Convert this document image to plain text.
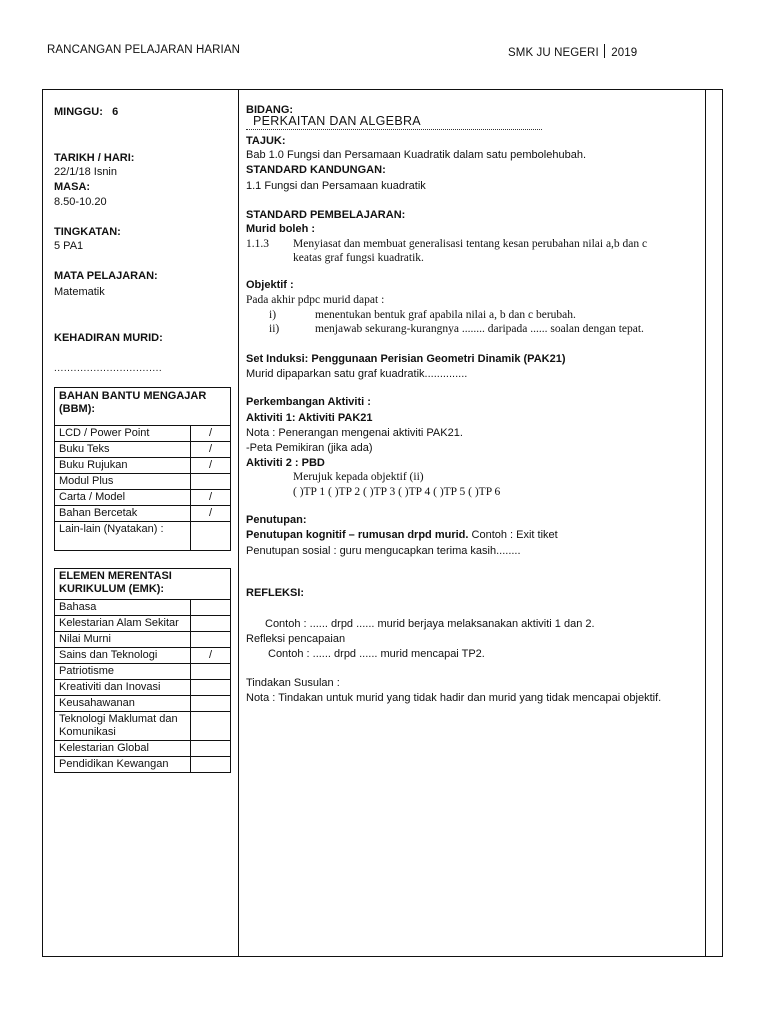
RANCANGAN PELAJARAN HARIAN	SMK JU NEGERI 2019
MINGGU: 6
TARIKH / HARI:
22/1/18 Isnin
MASA:
8.50-10.20
TINGKATAN:
5 PA1
MATA PELAJARAN:
Matematik
KEHADIRAN MURID:
.................................
BAHAN BANTU MENGAJAR (BBM):	
LCD / Power Point	/
Buku Teks	/
Buku Rujukan	/
Modul Plus	
Carta / Model	/
Bahan Bercetak	/
Lain-lain (Nyatakan) :	
ELEMEN MERENTASI KURIKULUM (EMK):	
Bahasa	
Kelestarian Alam Sekitar	
Nilai Murni	
Sains dan Teknologi	/
Patriotisme	
Kreativiti dan Inovasi	
Keusahawanan	
Teknologi Maklumat dan Komunikasi	
Kelestarian Global	
Pendidikan Kewangan	
BIDANG:
PERKAITAN DAN ALGEBRA
TAJUK:
Bab 1.0 Fungsi dan Persamaan Kuadratik dalam satu pembolehubah.
STANDARD KANDUNGAN:
1.1 Fungsi dan Persamaan kuadratik
STANDARD PEMBELAJARAN:
Murid boleh :
1.1.3 Menyiasat dan membuat generalisasi tentang kesan perubahan nilai a,b dan c
keatas graf fungsi kuadratik.
Objektif :
Pada akhir pdpc murid dapat :
i)	menentukan bentuk graf apabila nilai a, b dan c berubah.
ii)	menjawab sekurang-kurangnya ........ daripada ...... soalan dengan tepat.
Set Induksi: Penggunaan Perisian Geometri Dinamik (PAK21)
Murid dipaparkan satu graf kuadratik..............
Perkembangan Aktiviti :
Aktiviti 1: Aktiviti PAK21
Nota : Penerangan mengenai aktiviti PAK21.
-Peta Pemikiran (jika ada)
Aktiviti 2 : PBD
Merujuk kepada objektif (ii)
( )TP 1 ( )TP 2 ( )TP 3 ( )TP 4 ( )TP 5 ( )TP 6
Penutupan:
Penutupan kognitif – rumusan drpd murid. Contoh : Exit tiket
Penutupan sosial : guru mengucapkan terima kasih........
REFLEKSI:
Contoh : ...... drpd ...... murid berjaya melaksanakan aktiviti 1 dan 2.
Refleksi pencapaian
Contoh : ...... drpd ...... murid mencapai TP2.
Tindakan Susulan :
Nota : Tindakan untuk murid yang tidak hadir dan murid yang tidak mencapai objektif.
